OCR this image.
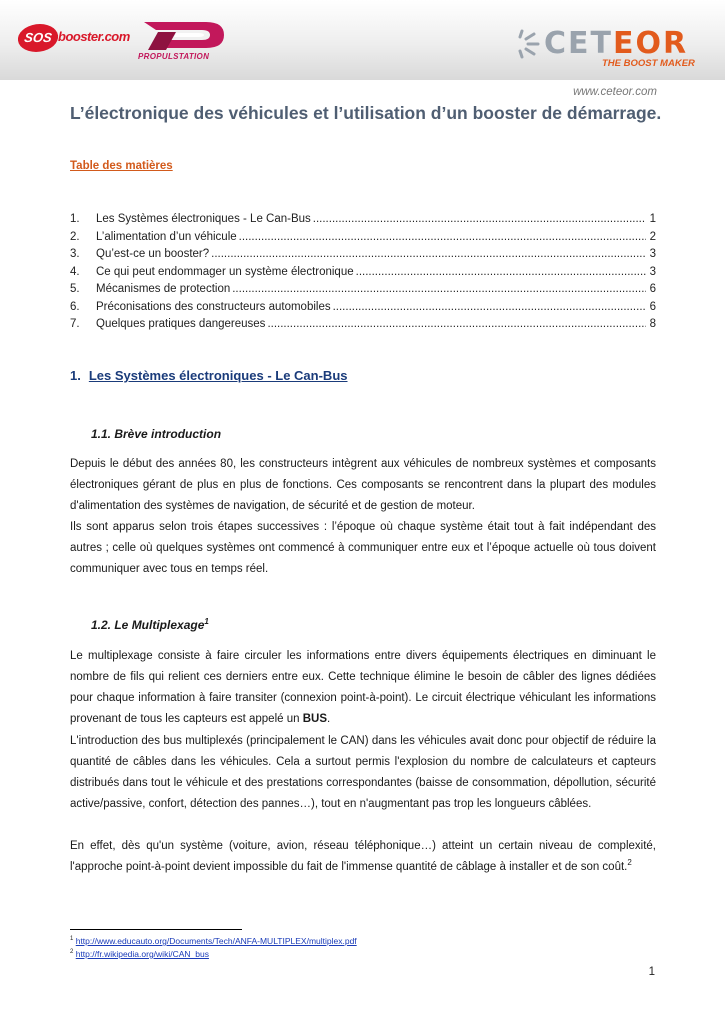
SOS booster.com
PROPULSTATION	CETEOR
THE BOOST MAKER
www.ceteor.com
L’électronique des véhicules et l’utilisation d’un booster de démarrage.
Table des matières
1.	Les Systèmes électroniques - Le Can-Bus .....	1
2.	L’alimentation d’un véhicule .....	2
3.	Qu’est-ce un booster? .....	3
4.	Ce qui peut endommager un système électronique .....	3
5.	Mécanismes de protection .....	6
6.	Préconisations des constructeurs automobiles .....	6
7.	Quelques pratiques dangereuses .....	8
1. Les Systèmes électroniques - Le Can-Bus
1.1. Brève introduction
Depuis le début des années 80, les constructeurs intègrent aux véhicules de nombreux systèmes et composants électroniques gérant de plus en plus de fonctions. Ces composants se rencontrent dans la plupart des modules d'alimentation des systèmes de navigation, de sécurité et de gestion de moteur.
Ils sont apparus selon trois étapes successives : l’époque où chaque système était tout à fait indépendant des autres ; celle où quelques systèmes ont commencé à communiquer entre eux et l’époque actuelle où tous doivent communiquer avec tous en temps réel.
1.2. Le Multiplexage$^1$
Le multiplexage consiste à faire circuler les informations entre divers équipements électriques en diminuant le nombre de fils qui relient ces derniers entre eux. Cette technique élimine le besoin de câbler des lignes dédiées pour chaque information à faire transiter (connexion point-à-point). Le circuit électrique véhiculant les informations provenant de tous les capteurs est appelé un BUS.
L'introduction des bus multiplexés (principalement le CAN) dans les véhicules avait donc pour objectif de réduire la quantité de câbles dans les véhicules. Cela a surtout permis l'explosion du nombre de calculateurs et capteurs distribués dans tout le véhicule et des prestations correspondantes (baisse de consommation, dépollution, sécurité active/passive, confort, détection des pannes…), tout en n'augmentant pas trop les longueurs câblées.
En effet, dès qu'un système (voiture, avion, réseau téléphonique…) atteint un certain niveau de complexité, l'approche point-à-point devient impossible du fait de l'immense quantité de câblage à installer et de son coût.$^2$
$^1$ http://www.educauto.org/Documents/Tech/ANFA-MULTIPLEX/multiplex.pdf
$^2$ http://fr.wikipedia.org/wiki/CAN_bus
1
